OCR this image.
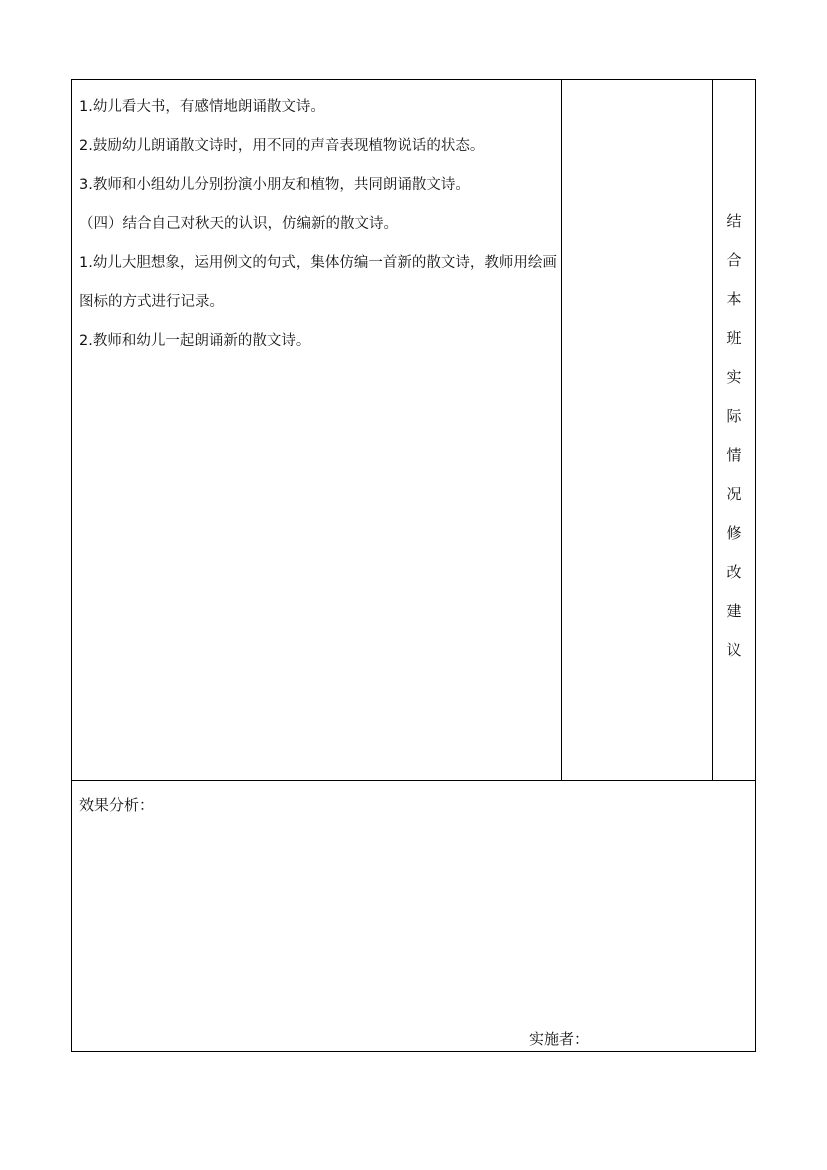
1.幼儿看大书，有感情地朗诵散文诗。
2.鼓励幼儿朗诵散文诗时，用不同的声音表现植物说话的状态。
3.教师和小组幼儿分别扮演小朋友和植物，共同朗诵散文诗。
（四）结合自己对秋天的认识，仿编新的散文诗。
1.幼儿大胆想象，运用例文的句式，集体仿编一首新的散文诗，教师用绘画图标的方式进行记录。
2.教师和幼儿一起朗诵新的散文诗。
结
合
本
班
实
际
情
况
修
改
建
议
效果分析：
实施者：
